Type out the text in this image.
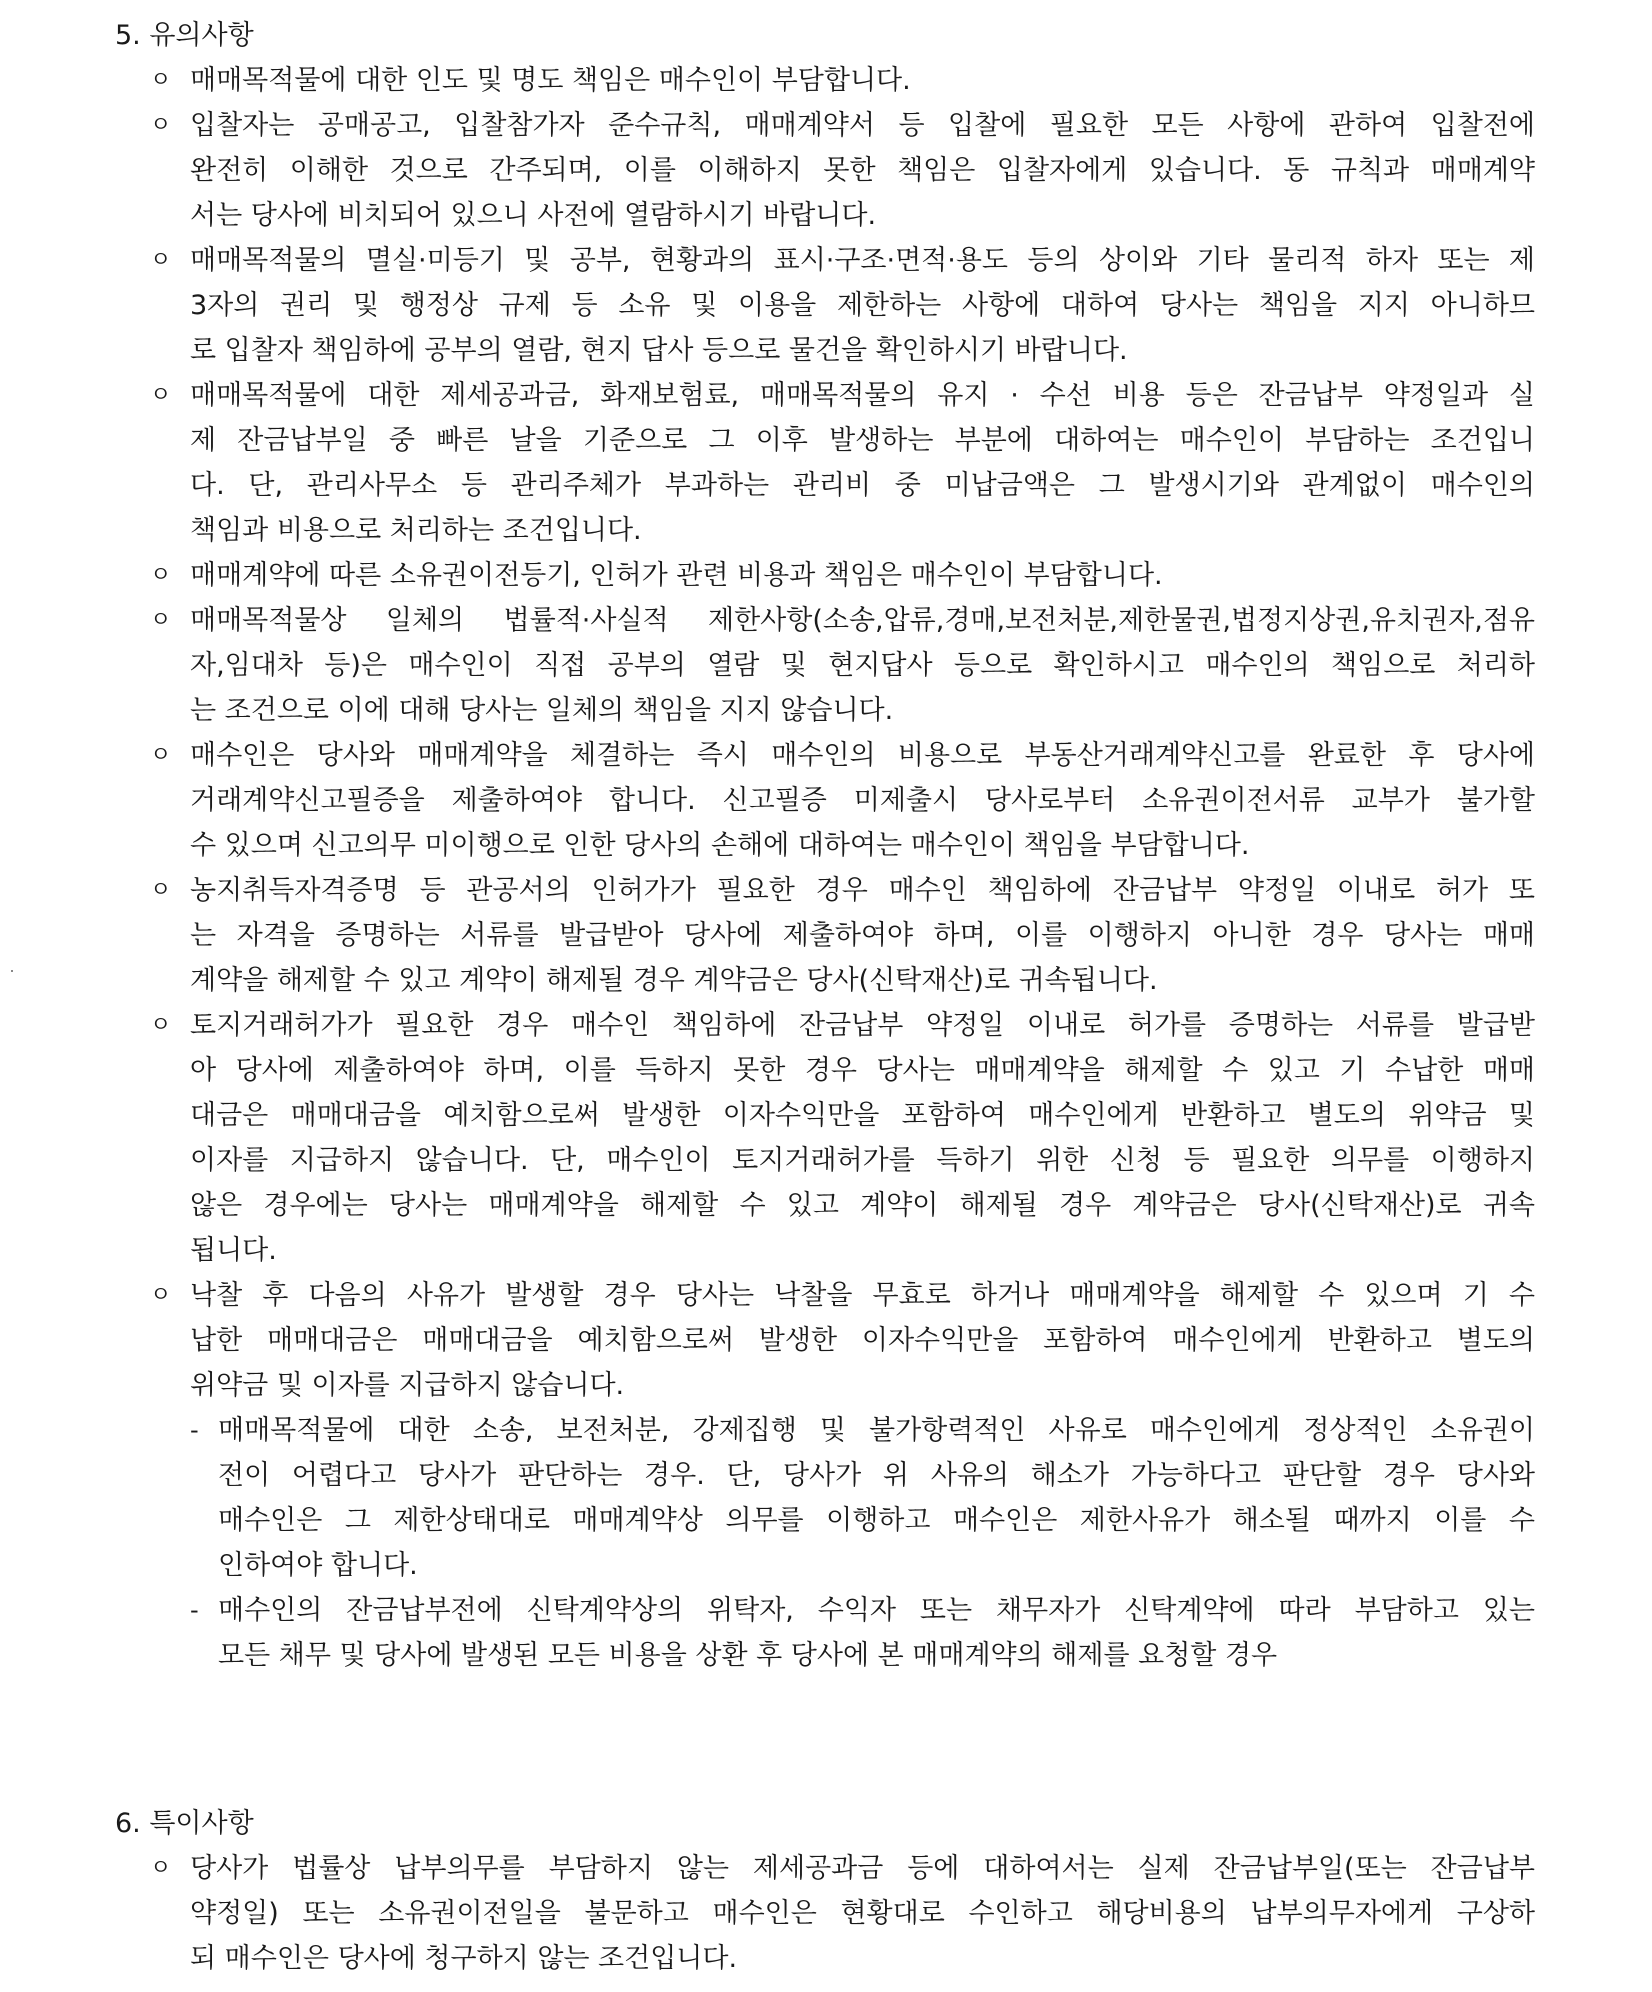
5. 유의사항
ㅇ 매매목적물에 대한 인도 및 명도 책임은 매수인이 부담합니다.
ㅇ 입찰자는 공매공고, 입찰참가자 준수규칙, 매매계약서 등 입찰에 필요한 모든 사항에 관하여 입찰전에
완전히 이해한 것으로 간주되며, 이를 이해하지 못한 책임은 입찰자에게 있습니다. 동 규칙과 매매계약
서는 당사에 비치되어 있으니 사전에 열람하시기 바랍니다.
ㅇ 매매목적물의 멸실·미등기 및 공부, 현황과의 표시·구조·면적·용도 등의 상이와 기타 물리적 하자 또는 제
3자의 권리 및 행정상 규제 등 소유 및 이용을 제한하는 사항에 대하여 당사는 책임을 지지 아니하므
로 입찰자 책임하에 공부의 열람, 현지 답사 등으로 물건을 확인하시기 바랍니다.
ㅇ 매매목적물에 대한 제세공과금, 화재보험료, 매매목적물의 유지 · 수선 비용 등은 잔금납부 약정일과 실
제 잔금납부일 중 빠른 날을 기준으로 그 이후 발생하는 부분에 대하여는 매수인이 부담하는 조건입니
다. 단, 관리사무소 등 관리주체가 부과하는 관리비 중 미납금액은 그 발생시기와 관계없이 매수인의
책임과 비용으로 처리하는 조건입니다.
ㅇ 매매계약에 따른 소유권이전등기, 인허가 관련 비용과 책임은 매수인이 부담합니다.
ㅇ 매매목적물상 일체의 법률적·사실적 제한사항(소송,압류,경매,보전처분,제한물권,법정지상권,유치권자,점유
자,임대차 등)은 매수인이 직접 공부의 열람 및 현지답사 등으로 확인하시고 매수인의 책임으로 처리하
는 조건으로 이에 대해 당사는 일체의 책임을 지지 않습니다.
ㅇ 매수인은 당사와 매매계약을 체결하는 즉시 매수인의 비용으로 부동산거래계약신고를 완료한 후 당사에
거래계약신고필증을 제출하여야 합니다. 신고필증 미제출시 당사로부터 소유권이전서류 교부가 불가할
수 있으며 신고의무 미이행으로 인한 당사의 손해에 대하여는 매수인이 책임을 부담합니다.
ㅇ 농지취득자격증명 등 관공서의 인허가가 필요한 경우 매수인 책임하에 잔금납부 약정일 이내로 허가 또
는 자격을 증명하는 서류를 발급받아 당사에 제출하여야 하며, 이를 이행하지 아니한 경우 당사는 매매
계약을 해제할 수 있고 계약이 해제될 경우 계약금은 당사(신탁재산)로 귀속됩니다.
ㅇ 토지거래허가가 필요한 경우 매수인 책임하에 잔금납부 약정일 이내로 허가를 증명하는 서류를 발급받
아 당사에 제출하여야 하며, 이를 득하지 못한 경우 당사는 매매계약을 해제할 수 있고 기 수납한 매매
대금은 매매대금을 예치함으로써 발생한 이자수익만을 포함하여 매수인에게 반환하고 별도의 위약금 및
이자를 지급하지 않습니다. 단, 매수인이 토지거래허가를 득하기 위한 신청 등 필요한 의무를 이행하지
않은 경우에는 당사는 매매계약을 해제할 수 있고 계약이 해제될 경우 계약금은 당사(신탁재산)로 귀속
됩니다.
ㅇ 낙찰 후 다음의 사유가 발생할 경우 당사는 낙찰을 무효로 하거나 매매계약을 해제할 수 있으며 기 수
납한 매매대금은 매매대금을 예치함으로써 발생한 이자수익만을 포함하여 매수인에게 반환하고 별도의
위약금 및 이자를 지급하지 않습니다.
- 매매목적물에 대한 소송, 보전처분, 강제집행 및 불가항력적인 사유로 매수인에게 정상적인 소유권이
전이 어렵다고 당사가 판단하는 경우. 단, 당사가 위 사유의 해소가 가능하다고 판단할 경우 당사와
매수인은 그 제한상태대로 매매계약상 의무를 이행하고 매수인은 제한사유가 해소될 때까지 이를 수
인하여야 합니다.
- 매수인의 잔금납부전에 신탁계약상의 위탁자, 수익자 또는 채무자가 신탁계약에 따라 부담하고 있는
모든 채무 및 당사에 발생된 모든 비용을 상환 후 당사에 본 매매계약의 해제를 요청할 경우
6. 특이사항
ㅇ 당사가 법률상 납부의무를 부담하지 않는 제세공과금 등에 대하여서는 실제 잔금납부일(또는 잔금납부
약정일) 또는 소유권이전일을 불문하고 매수인은 현황대로 수인하고 해당비용의 납부의무자에게 구상하
되 매수인은 당사에 청구하지 않는 조건입니다.
